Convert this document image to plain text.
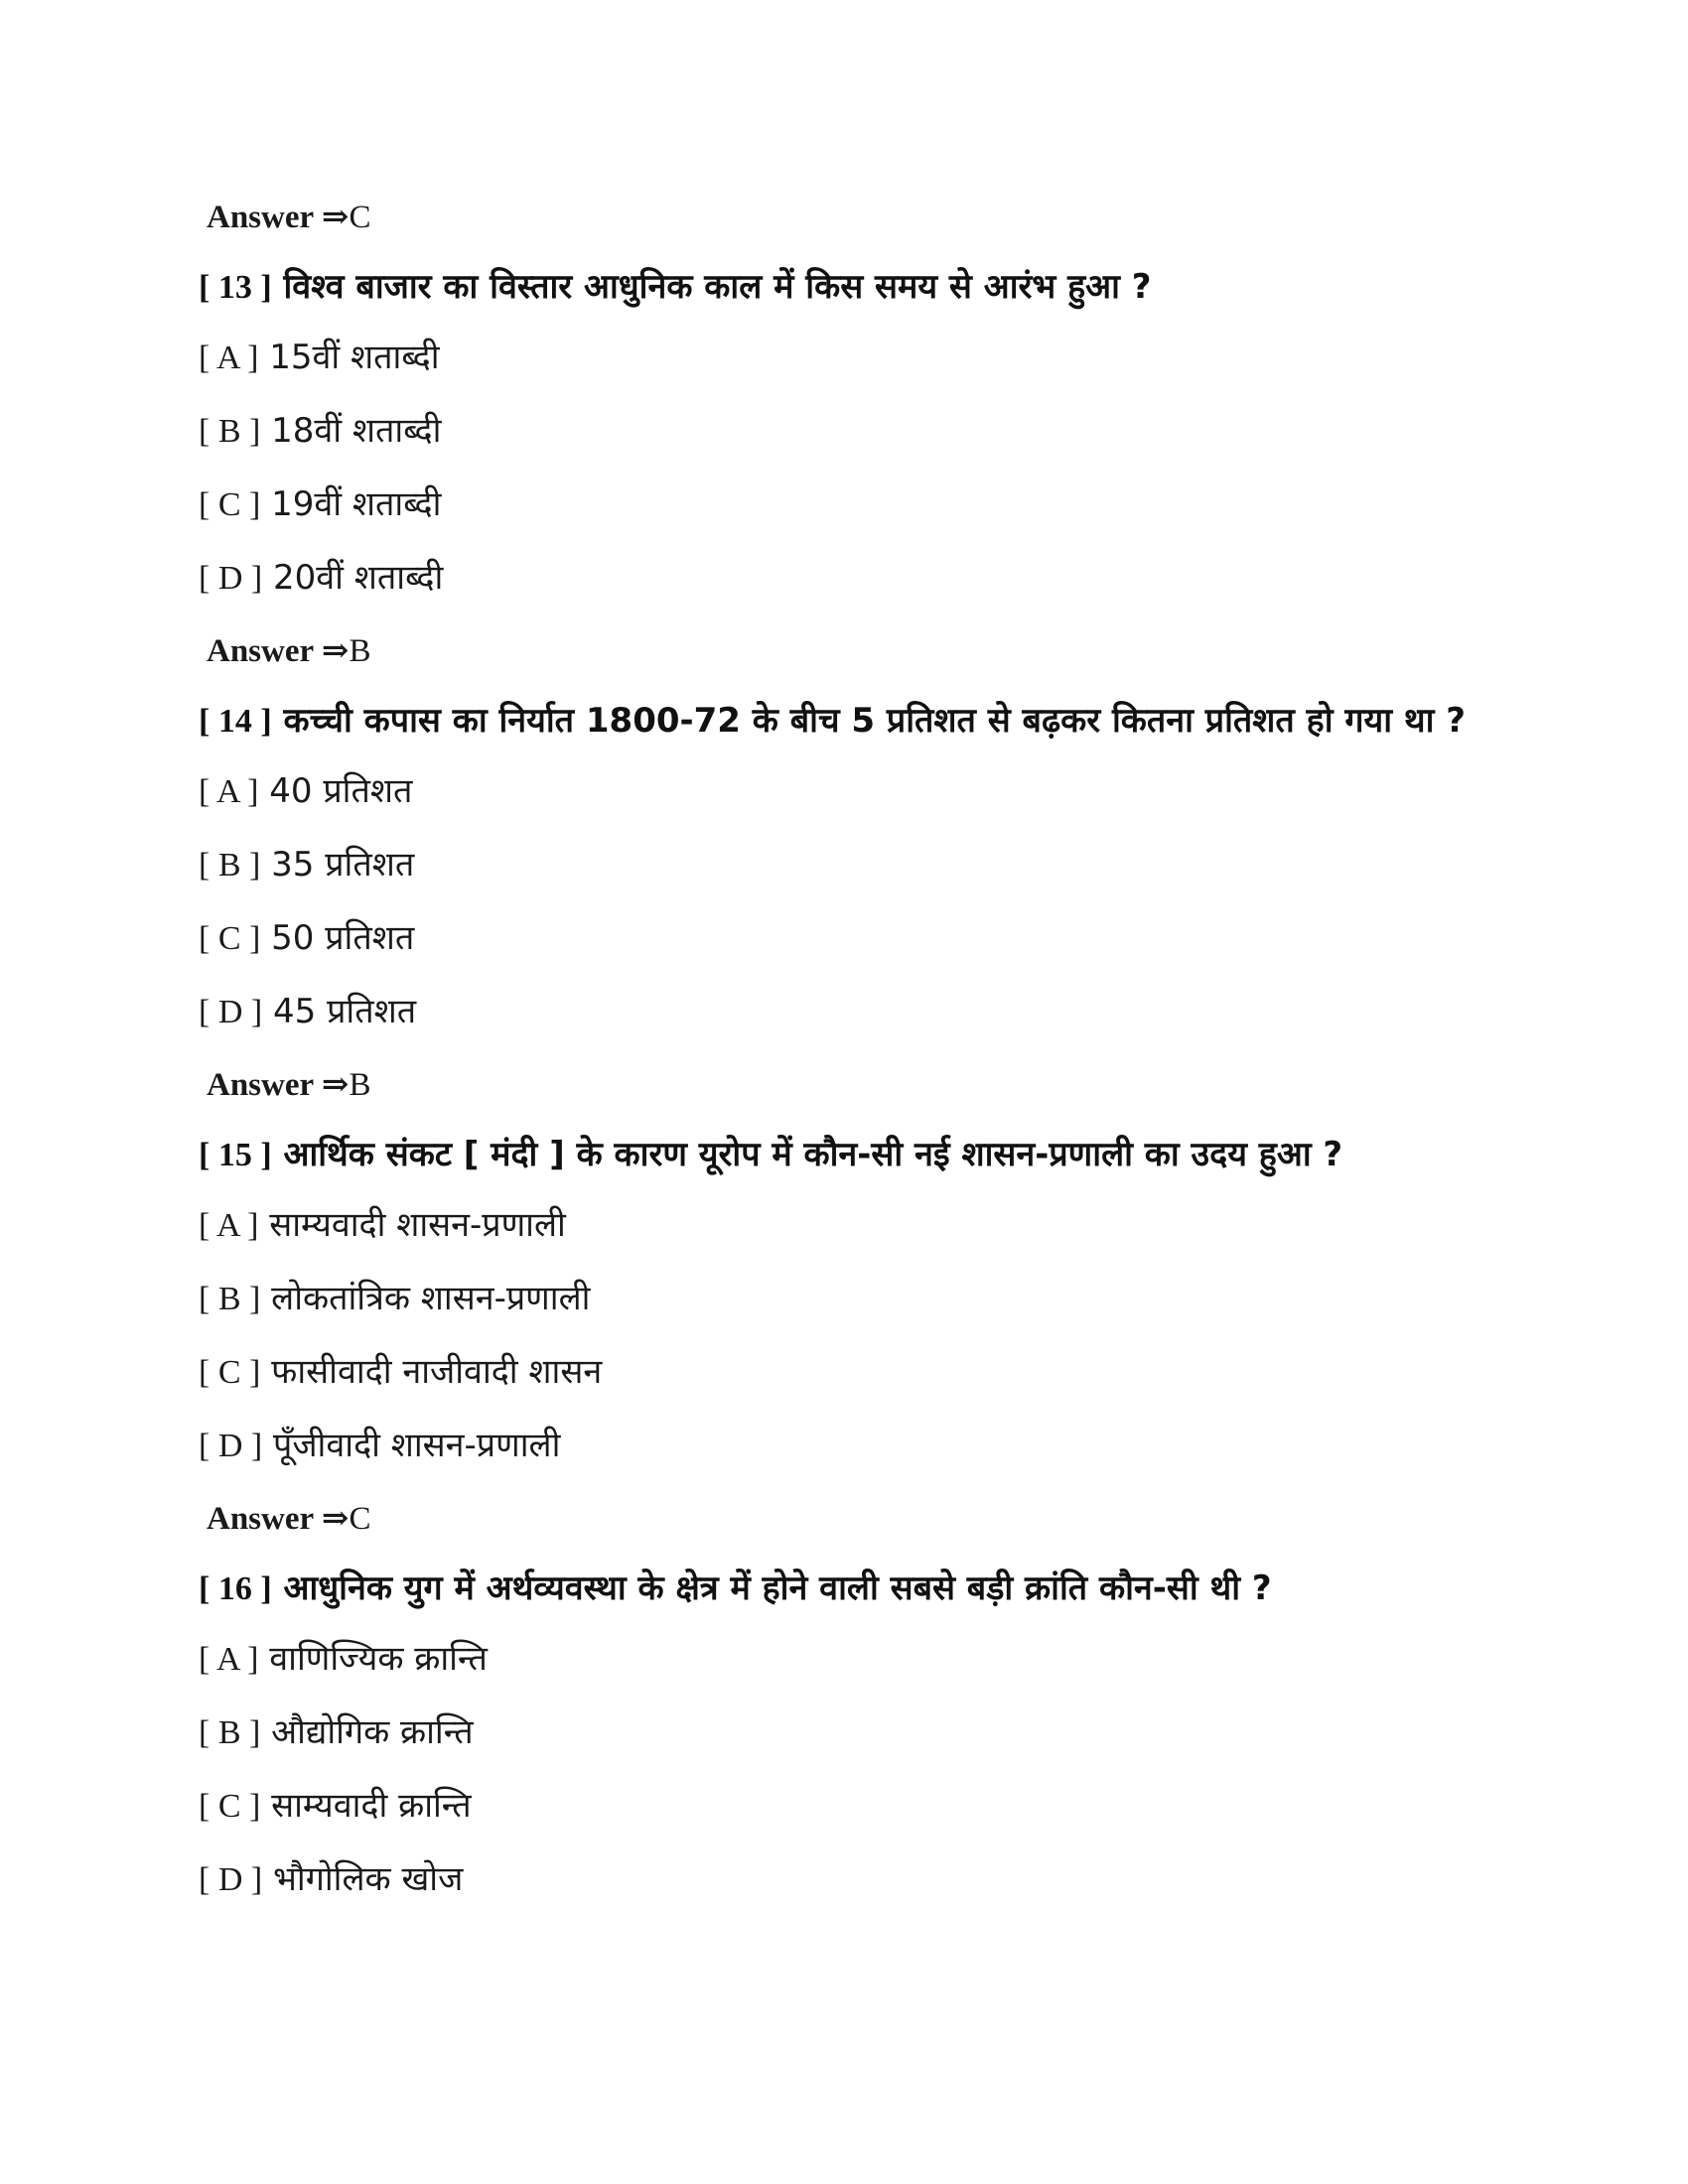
Answer ⇒C
[ 13 ] विश्व बाजार का विस्तार आधुनिक काल में किस समय से आरंभ हुआ ?
[ A ] 15वीं शताब्दी
[ B ] 18वीं शताब्दी
[ C ] 19वीं शताब्दी
[ D ] 20वीं शताब्दी
Answer ⇒B
[ 14 ] कच्ची कपास का निर्यात 1800-72 के बीच 5 प्रतिशत से बढ़कर कितना प्रतिशत हो गया था ?
[ A ] 40 प्रतिशत
[ B ] 35 प्रतिशत
[ C ] 50 प्रतिशत
[ D ] 45 प्रतिशत
Answer ⇒B
[ 15 ] आर्थिक संकट [ मंदी ] के कारण यूरोप में कौन-सी नई शासन-प्रणाली का उदय हुआ ?
[ A ] साम्यवादी शासन-प्रणाली
[ B ] लोकतांत्रिक शासन-प्रणाली
[ C ] फासीवादी नाजीवादी शासन
[ D ] पूँजीवादी शासन-प्रणाली
Answer ⇒C
[ 16 ] आधुनिक युग में अर्थव्यवस्था के क्षेत्र में होने वाली सबसे बड़ी क्रांति कौन-सी थी ?
[ A ] वाणिज्यिक क्रान्ति
[ B ] औद्योगिक क्रान्ति
[ C ] साम्यवादी क्रान्ति
[ D ] भौगोलिक खोज
